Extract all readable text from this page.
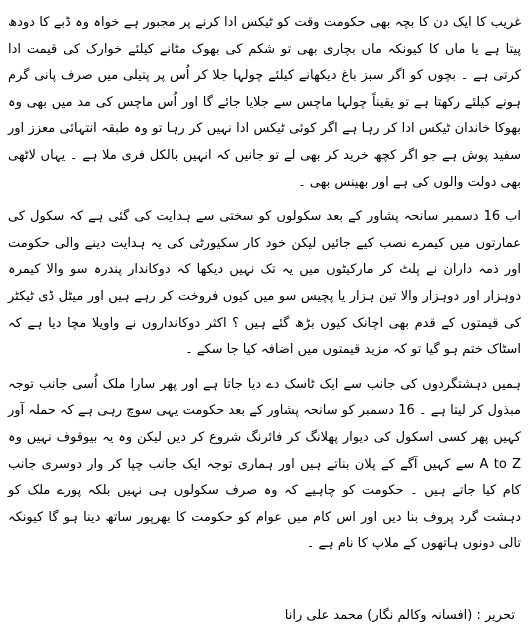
غریب کا ایک دن کا بچہ بھی حکومت وقت کو ٹیکس ادا کرنے پر مجبور ہے خواہ وہ ڈبے کا دودھ پیتا ہے یا ماں کا کیونکہ ماں بچاری بھی تو شکم کی بھوک مٹانے کیلئے خوارک کی قیمت ادا کرتی ہے ۔ بچوں کو اگر سبز باغ دیکھانے کیلئے چولہا جلا کر اُس پر پتیلی میں صرف پانی گرم ہونے کیلئے رکھتا ہے تو یقیناً چولہا ماچس سے جلایا جائے گا اور اُس ماچس کی مد میں بھی وہ بھوکا خاندان ٹیکس ادا کر رہا ہے اگر کوئی ٹیکس ادا نہیں کر رہا تو وہ طبقہ انتہائی معزز اور سفید پوش ہے جو اگر کچھ خرید کر بھی لے تو جانیں کہ انہیں بالکل فری ملا ہے ۔ یہاں لاٹھی بھی دولت والوں کی ہے اور بھینس بھی ۔

اب 16 دسمبر سانحہ پشاور کے بعد سکولوں کو سختی سے ہدایت کی گئی ہے کہ سکول کی عمارتوں میں کیمرے نصب کیے جائیں لیکن خود کار سکیورٹی کی یہ ہدایت دینے والی حکومت اور ذمہ داران نے پلٹ کر مارکیٹوں میں یہ تک نہیں دیکھا کہ دوکاندار پندرہ سو والا کیمرہ دوہزار اور دوہزار والا تین ہزار یا پچیس سو میں کیوں فروخت کر رہے ہیں اور میٹل ڈی ٹیکٹر کی قیمتوں کے قدم بھی اچانک کیوں بڑھ گئے ہیں ؟ اکثر دوکانداروں نے واویلا مچا دیا ہے کہ اسٹاک ختم ہو گیا تو کہ مزید قیمتوں میں اضافہ کیا جا سکے ۔

ہمیں دہشتگردوں کی جانب سے ایک ٹاسک دے دیا جاتا ہے اور پھر سارا ملک اُسی جانب توجہ مبذول کر لیتا ہے ۔ 16 دسمبر کو سانحہ پشاور کے بعد حکومت یہی سوچ رہی ہے کہ حملہ آور کہیں پھر کسی اسکول کی دیوار پھلانگ کر فائرنگ شروع کر دیں لیکن وہ یہ بیوقوف نہیں وہ A to Z سے کہیں آگے کے پلان بناتے ہیں اور ہماری توجہ ایک جانب چپا کر وار دوسری جانب کام کیا جاتے ہیں ۔ حکومت کو چاہیے کہ وہ صرف سکولوں ہی نہیں بلکہ پورے ملک کو دہشت گرد پروف بنا دیں اور اس کام میں عوام کو حکومت کا بھرپور ساتھ دینا ہو گا کیونکہ تالی دونوں ہاتھوں کے ملاپ کا نام ہے ۔

تحریر : (افسانہ وکالم نگار) محمد علی رانا
